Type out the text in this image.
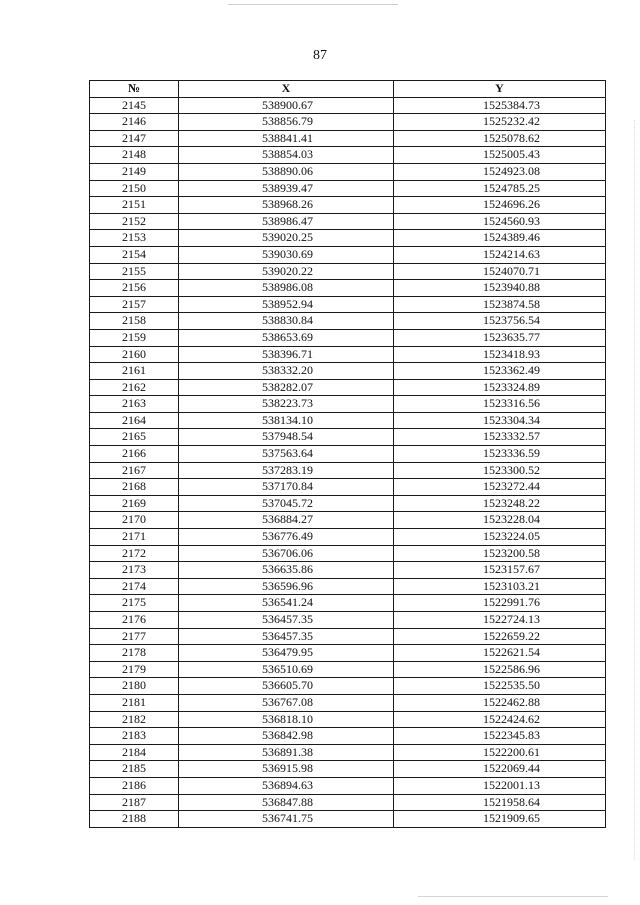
87
№	X	Y
2145	538900.67	1525384.73
2146	538856.79	1525232.42
2147	538841.41	1525078.62
2148	538854.03	1525005.43
2149	538890.06	1524923.08
2150	538939.47	1524785.25
2151	538968.26	1524696.26
2152	538986.47	1524560.93
2153	539020.25	1524389.46
2154	539030.69	1524214.63
2155	539020.22	1524070.71
2156	538986.08	1523940.88
2157	538952.94	1523874.58
2158	538830.84	1523756.54
2159	538653.69	1523635.77
2160	538396.71	1523418.93
2161	538332.20	1523362.49
2162	538282.07	1523324.89
2163	538223.73	1523316.56
2164	538134.10	1523304.34
2165	537948.54	1523332.57
2166	537563.64	1523336.59
2167	537283.19	1523300.52
2168	537170.84	1523272.44
2169	537045.72	1523248.22
2170	536884.27	1523228.04
2171	536776.49	1523224.05
2172	536706.06	1523200.58
2173	536635.86	1523157.67
2174	536596.96	1523103.21
2175	536541.24	1522991.76
2176	536457.35	1522724.13
2177	536457.35	1522659.22
2178	536479.95	1522621.54
2179	536510.69	1522586.96
2180	536605.70	1522535.50
2181	536767.08	1522462.88
2182	536818.10	1522424.62
2183	536842.98	1522345.83
2184	536891.38	1522200.61
2185	536915.98	1522069.44
2186	536894.63	1522001.13
2187	536847.88	1521958.64
2188	536741.75	1521909.65
